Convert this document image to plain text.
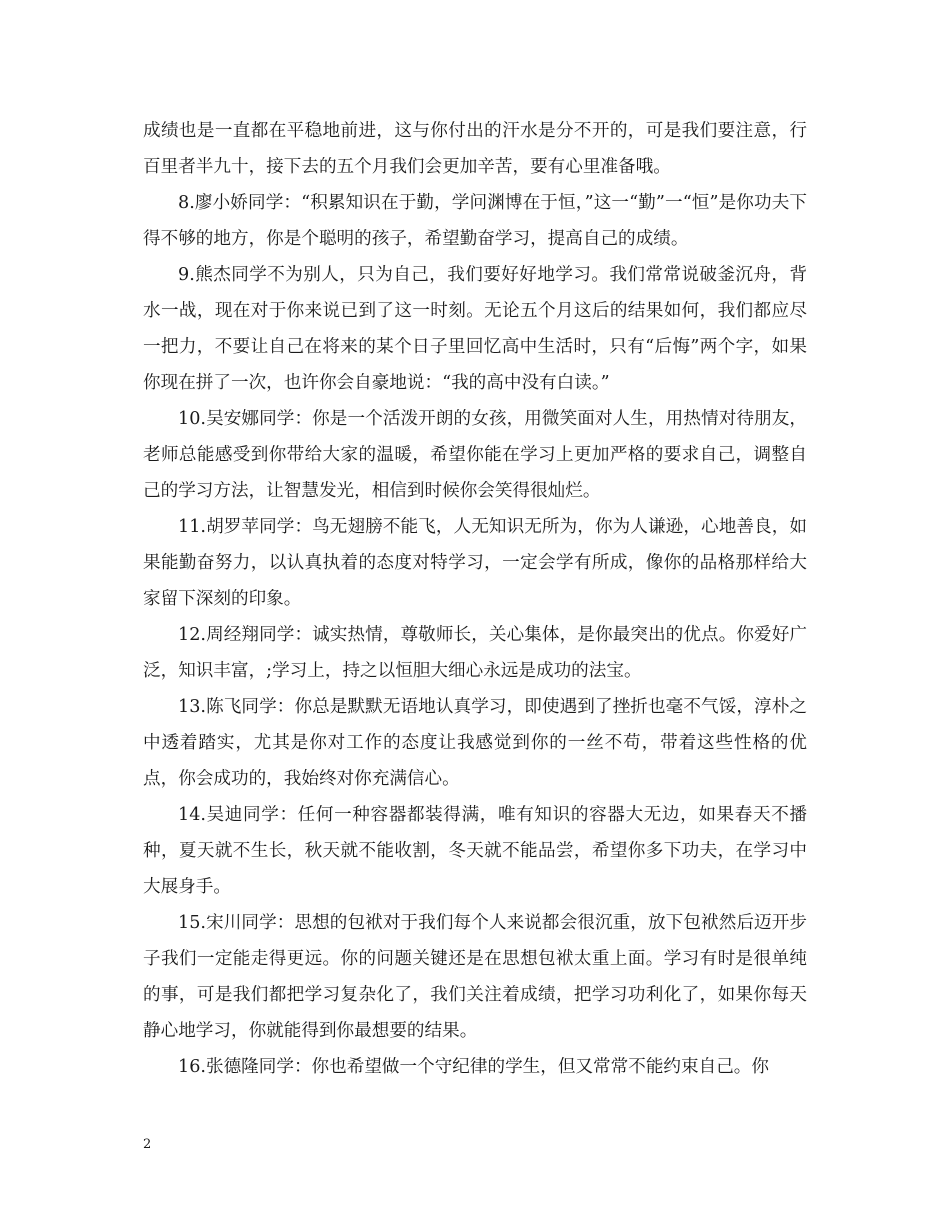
成绩也是一直都在平稳地前进，这与你付出的汗水是分不开的，可是我们要注意，行百里者半九十，接下去的五个月我们会更加辛苦，要有心里准备哦。

8.廖小娇同学：“积累知识在于勤，学问渊博在于恒，”这一“勤”一“恒”是你功夫下得不够的地方，你是个聪明的孩子，希望勤奋学习，提高自己的成绩。

9.熊杰同学不为别人，只为自己，我们要好好地学习。我们常常说破釜沉舟，背水一战，现在对于你来说已到了这一时刻。无论五个月这后的结果如何，我们都应尽一把力，不要让自己在将来的某个日子里回忆高中生活时，只有“后悔”两个字，如果你现在拼了一次，也许你会自豪地说：“我的高中没有白读。”

10.吴安娜同学：你是一个活泼开朗的女孩，用微笑面对人生，用热情对待朋友，老师总能感受到你带给大家的温暖，希望你能在学习上更加严格的要求自己，调整自己的学习方法，让智慧发光，相信到时候你会笑得很灿烂。

11.胡罗苹同学：鸟无翅膀不能飞，人无知识无所为，你为人谦逊，心地善良，如果能勤奋努力，以认真执着的态度对特学习，一定会学有所成，像你的品格那样给大家留下深刻的印象。

12.周经翔同学：诚实热情，尊敬师长，关心集体，是你最突出的优点。你爱好广泛，知识丰富，;学习上，持之以恒胆大细心永远是成功的法宝。

13.陈飞同学：你总是默默无语地认真学习，即使遇到了挫折也毫不气馁，淳朴之中透着踏实，尤其是你对工作的态度让我感觉到你的一丝不苟，带着这些性格的优点，你会成功的，我始终对你充满信心。

14.吴迪同学：任何一种容器都装得满，唯有知识的容器大无边，如果春天不播种，夏天就不生长，秋天就不能收割，冬天就不能品尝，希望你多下功夫，在学习中大展身手。

15.宋川同学：思想的包袱对于我们每个人来说都会很沉重，放下包袱然后迈开步子我们一定能走得更远。你的问题关键还是在思想包袱太重上面。学习有时是很单纯的事，可是我们都把学习复杂化了，我们关注着成绩，把学习功利化了，如果你每天静心地学习，你就能得到你最想要的结果。

16.张德隆同学：你也希望做一个守纪律的学生，但又常常不能约束自己。你

2
